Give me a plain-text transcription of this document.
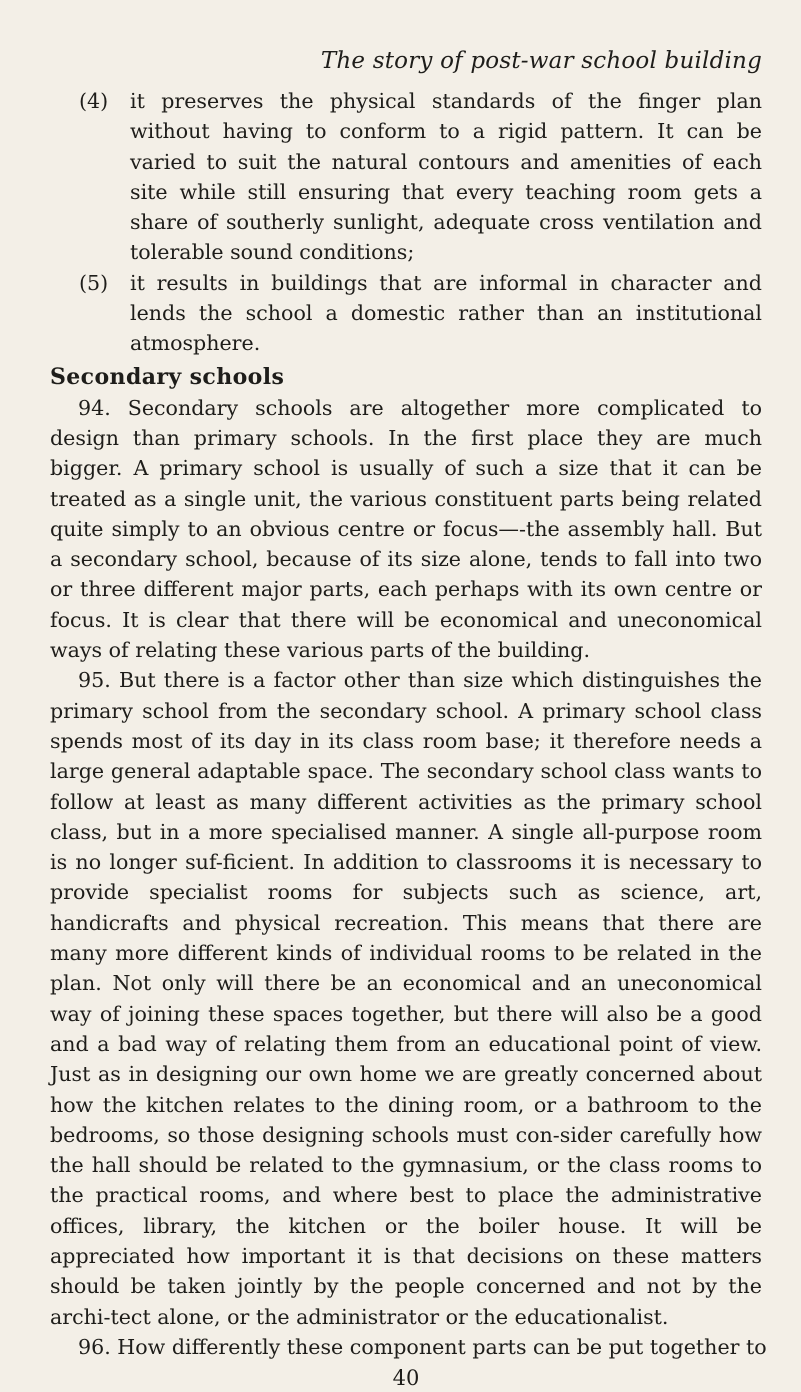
The story of post-war school building
(4) it preserves the physical standards of the finger plan without having to conform to a rigid pattern. It can be varied to suit the natural contours and amenities of each site while still ensuring that every teaching room gets a share of southerly sunlight, adequate cross ventilation and tolerable sound conditions;
(5) it results in buildings that are informal in character and lends the school a domestic rather than an institutional atmosphere.
Secondary schools

94. Secondary schools are altogether more complicated to design than primary schools. In the first place they are much bigger. A primary school is usually of such a size that it can be treated as a single unit, the various constituent parts being related quite simply to an obvious centre or focus—-the assembly hall. But a secondary school, because of its size alone, tends to fall into two or three different major parts, each perhaps with its own centre or focus. It is clear that there will be economical and uneconomical ways of relating these various parts of the building.

95. But there is a factor other than size which distinguishes the primary school from the secondary school. A primary school class spends most of its day in its class room base; it therefore needs a large general adaptable space. The secondary school class wants to follow at least as many different activities as the primary school class, but in a more specialised manner. A single all-purpose room is no longer suf-ficient. In addition to classrooms it is necessary to provide specialist rooms for subjects such as science, art, handicrafts and physical recreation. This means that there are many more different kinds of individual rooms to be related in the plan. Not only will there be an economical and an uneconomical way of joining these spaces together, but there will also be a good and a bad way of relating them from an educational point of view. Just as in designing our own home we are greatly concerned about how the kitchen relates to the dining room, or a bathroom to the bedrooms, so those designing schools must con-sider carefully how the hall should be related to the gymnasium, or the class rooms to the practical rooms, and where best to place the administrative offices, library, the kitchen or the boiler house. It will be appreciated how important it is that decisions on these matters should be taken jointly by the people concerned and not by the archi-tect alone, or the administrator or the educationalist.

96. How differently these component parts can be put together to

40
